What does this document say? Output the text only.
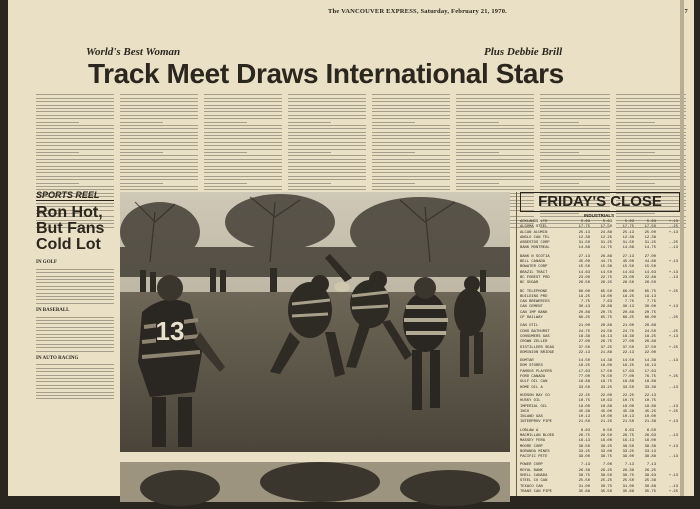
The VANCOUVER EXPRESS, Saturday, February 21, 1970.	7
World's Best Woman	Plus Debbie Brill
Track Meet Draws International Stars
SPORTS REEL
Ron Hot, But Fans Cold Lot
IN GOLF
IN BASEBALL
IN AUTO RACING
13
FRIDAY'S CLOSE
INDUSTRIALS
ACKLANDS LTD	5.63	5.63	5.63	5.63	+.13
ALGOMA STEEL	17.75	17.50	17.75	17.50	-.25
ALCAN ALUMIN	25.13	24.88	25.13	25.00	+.13
ANGLO CAN TEL	12.38	12.25	12.38	12.38
ASBESTOS CORP	31.50	31.25	31.50	31.25	-.25
BANK MONTREAL	14.88	14.75	14.88	14.75	-.13
BANK N SCOTIA	27.13	26.88	27.13	27.00
BELL CANADA	45.00	44.75	45.00	44.88	+.13
BOWATER CORP	15.50	15.38	15.50	15.50
BRAZIL TRACT	14.63	14.50	14.63	14.63	+.13
BC FOREST PRD	23.00	22.75	23.00	22.88	-.13
BC SUGAR	26.50	26.25	26.50	26.50
BC TELEPHONE	66.00	65.50	66.00	65.75	+.25
BUILDING PRD	19.25	19.00	19.25	19.13
CAN BREWERIES	7.75	7.63	7.75	7.75
CAN CEMENT	30.13	29.88	30.13	30.00	+.13
CAN IMP BANK	20.88	20.75	20.88	20.75
CP RAILWAY	66.25	65.75	66.25	66.00	-.25
CAN UTIL	21.00	20.88	21.00	20.88
CONS BATHURST	24.75	24.50	24.75	24.50	-.25
CONSUMERS GAS	18.38	18.13	18.38	18.25	+.13
CROWN ZELLER	27.00	26.75	27.00	26.88
DISTILLERS SEAG	37.50	37.25	37.50	37.50	+.25
DOMINION BRIDGE	22.13	21.88	22.13	22.00
DOMTAR	14.50	14.38	14.50	14.38	-.13
DOM STORES	16.25	16.00	16.25	16.13
FAMOUS PLAYERS	17.63	17.50	17.63	17.63
FORD CANADA	77.00	76.50	77.00	76.75	+.25
GULF OIL CAN	18.88	18.75	18.88	18.88
HOME OIL A	33.50	33.25	33.50	33.38	-.13
HUDSON BAY CO	22.25	22.00	22.25	22.13
HUSKY OIL	10.75	10.63	10.75	10.75
IMPERIAL OIL	19.00	18.88	19.00	18.88	-.13
INCO	45.38	45.00	45.38	45.25	+.25
INLAND GAS	10.13	10.00	10.13	10.00
INTERPROV PIPE	21.50	21.25	21.50	21.38	+.13
LOBLAW A	6.63	6.50	6.63	6.50
MACMILLAN BLOED	26.75	26.50	26.75	26.63	-.13
MASSEY FERG	16.13	16.00	16.13	16.00
MOORE CORP	38.50	38.25	38.50	38.38	+.13
NORANDA MINES	33.25	33.00	33.25	33.13
PACIFIC PETE	39.00	38.75	39.00	38.88	-.13
POWER CORP	7.13	7.00	7.13	7.13
ROYAL BANK	26.38	26.25	26.38	26.25
SHELL CANADA	38.75	38.50	38.75	38.63	+.13
STEEL CO CAN	25.50	25.25	25.50	25.38
TEXACO CAN	31.00	30.75	31.00	30.88	-.13
TRANS CAN PIPE	35.88	35.50	35.88	35.75	+.25
WESTCOAST TRANS	24.25	24.00	24.25	24.13
WESTON GEO	21.63	21.50	21.63	21.50
